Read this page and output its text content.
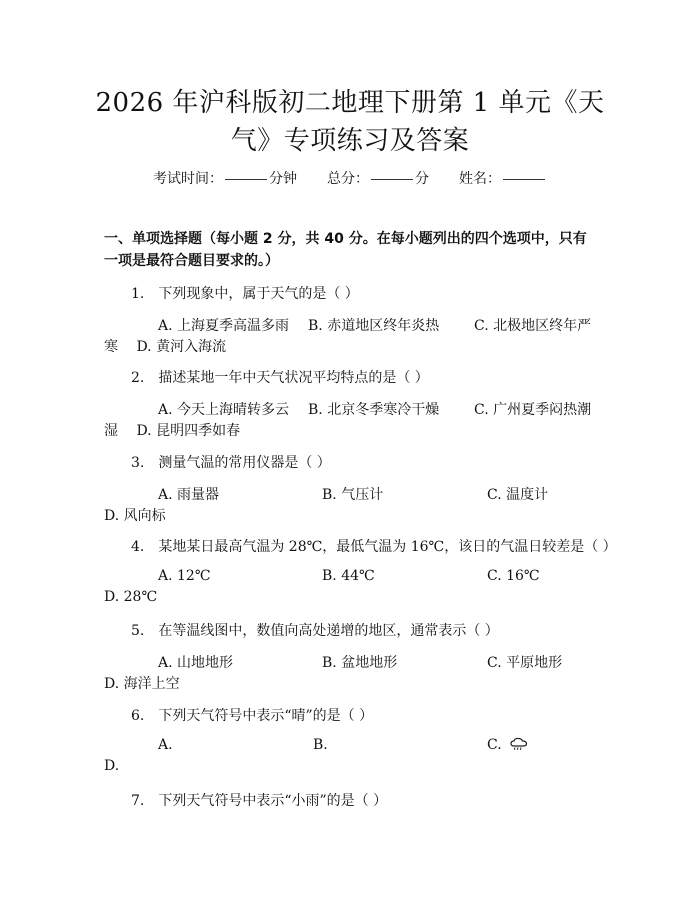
2026 年沪科版初二地理下册第 1 单元《天
气》专项练习及答案
考试时间：	分钟 总分：	分 姓名：
一、单项选择题（每小题 2 分，共 40 分。在每小题列出的四个选项中，只有一项是最符合题目要求的。）
1.　下列现象中，属于天气的是（ ）
A. 上海夏季高温多雨 B. 赤道地区终年炎热 C. 北极地区终年严
寒　 D. 黄河入海流
2.　描述某地一年中天气状况平均特点的是（ ）
A. 今天上海晴转多云 B. 北京冬季寒冷干燥 C. 广州夏季闷热潮
湿　 D. 昆明四季如春
3.　测量气温的常用仪器是（ ）
A. 雨量器	B. 气压计	C. 温度计
D. 风向标
4.　某地某日最高气温为 28℃，最低气温为 16℃，该日的气温日较差是（ ）
A. 12℃	B. 44℃	C. 16℃
D. 28℃
5.　在等温线图中，数值向高处递增的地区，通常表示（ ）
A. 山地地形	B. 盆地地形	C. 平原地形
D. 海洋上空
6.　下列天气符号中表示“晴”的是（ ）
A.	B.	C.
D.
7.　下列天气符号中表示“小雨”的是（ ）
